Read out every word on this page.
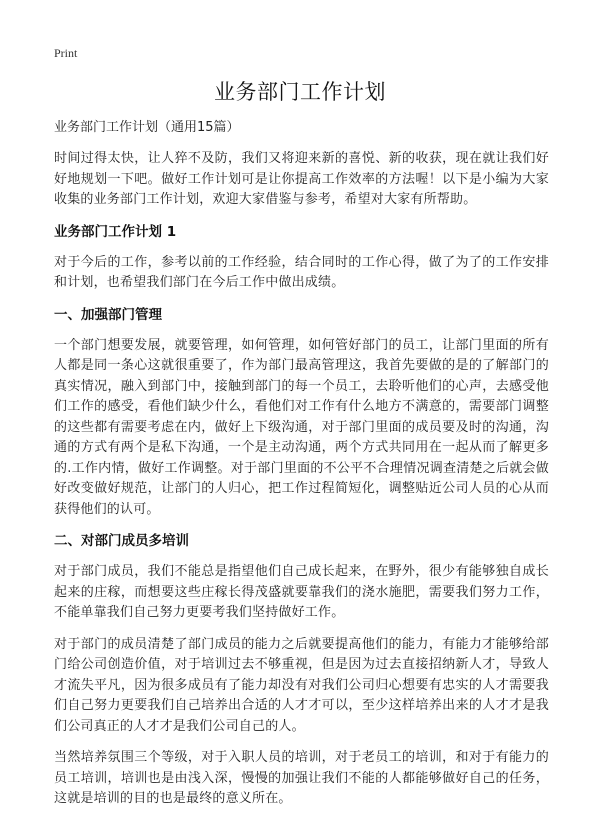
Print
业务部门工作计划
业务部门工作计划（通用15篇）

时间过得太快，让人猝不及防，我们又将迎来新的喜悦、新的收获，现在就让我们好好地规划一下吧。做好工作计划可是让你提高工作效率的方法喔！以下是小编为大家收集的业务部门工作计划，欢迎大家借鉴与参考，希望对大家有所帮助。

业务部门工作计划 1

对于今后的工作，参考以前的工作经验，结合同时的工作心得，做了为了的工作安排和计划，也希望我们部门在今后工作中做出成绩。

一、加强部门管理

一个部门想要发展，就要管理，如何管理，如何管好部门的员工，让部门里面的所有人都是同一条心这就很重要了，作为部门最高管理这，我首先要做的是的了解部门的真实情况，融入到部门中，接触到部门的每一个员工，去聆听他们的心声，去感受他们工作的感受，看他们缺少什么，看他们对工作有什么地方不满意的，需要部门调整的这些都有需要考虑在内，做好上下级沟通，对于部门里面的成员要及时的沟通，沟通的方式有两个是私下沟通，一个是主动沟通，两个方式共同用在一起从而了解更多的.工作内情，做好工作调整。对于部门里面的不公平不合理情况调查清楚之后就会做好改变做好规范，让部门的人归心，把工作过程简短化，调整贴近公司人员的心从而获得他们的认可。

二、对部门成员多培训

对于部门成员，我们不能总是指望他们自己成长起来，在野外，很少有能够独自成长起来的庄稼，而想要这些庄稼长得茂盛就要靠我们的浇水施肥，需要我们努力工作，不能单靠我们自己努力更要考我们坚持做好工作。

对于部门的成员清楚了部门成员的能力之后就要提高他们的能力，有能力才能够给部门给公司创造价值，对于培训过去不够重视，但是因为过去直接招纳新人才，导致人才流失平凡，因为很多成员有了能力却没有对我们公司归心想要有忠实的人才需要我们自己努力更要我们自己培养出合适的人才才可以，至少这样培养出来的人才才是我们公司真正的人才才是我们公司自己的人。

当然培养氛围三个等级，对于入职人员的培训，对于老员工的培训，和对于有能力的员工培训，培训也是由浅入深，慢慢的加强让我们不能的人都能够做好自己的任务，这就是培训的目的也是最终的意义所在。
